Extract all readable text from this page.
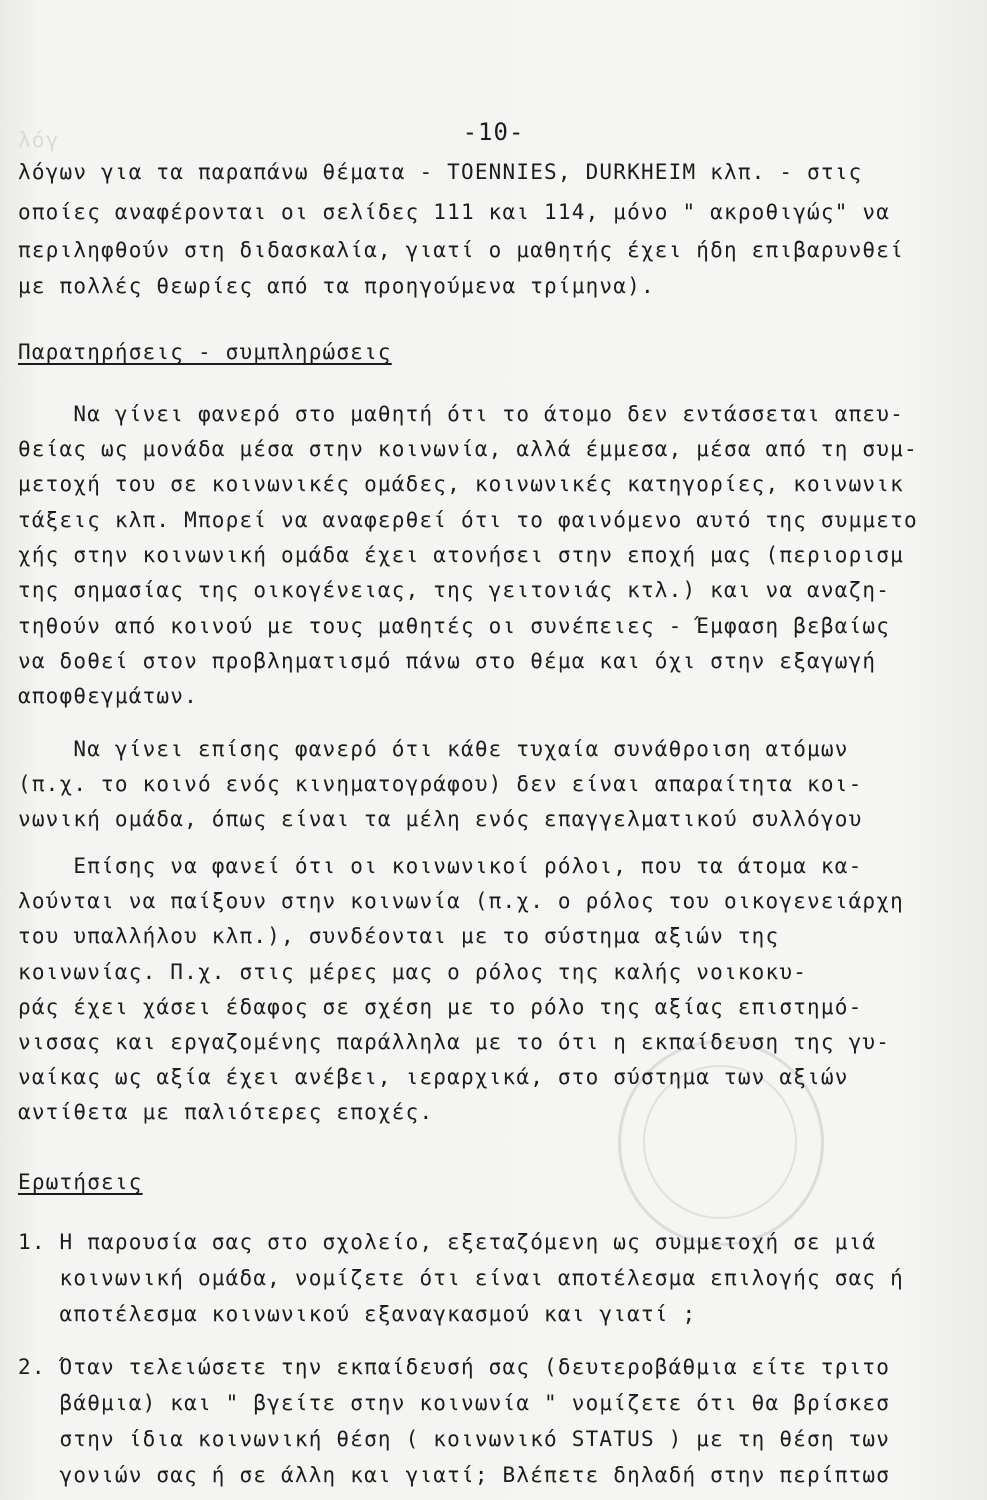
λόγ	-10-
λόγων για τα παραπάνω θέματα - TOENNIES, DURKHEIM κλπ. - στις
οποίες αναφέρονται οι σελίδες 111 και 114, μόνο " ακροθιγώς" να
περιληφθούν στη διδασκαλία, γιατί ο μαθητής έχει ήδη επιβαρυνθεί
με πολλές θεωρίες από τα προηγούμενα τρίμηνα).
Παρατηρήσεις - συμπληρώσεις
Να γίνει φανερό στο μαθητή ότι το άτομο δεν εντάσσεται απευ-
θείας ως μονάδα μέσα στην κοινωνία, αλλά έμμεσα, μέσα από τη συμ-
μετοχή του σε κοινωνικές ομάδες, κοινωνικές κατηγορίες, κοινωνικ
τάξεις κλπ. Μπορεί να αναφερθεί ότι το φαινόμενο αυτό της συμμετο
χής στην κοινωνική ομάδα έχει ατονήσει στην εποχή μας (περιορισμ
της σημασίας της οικογένειας, της γειτονιάς κτλ.) και να αναζη-
τηθούν από κοινού με τους μαθητές οι συνέπειες - Έμφαση βεβαίως
να δοθεί στον προβληματισμό πάνω στο θέμα και όχι στην εξαγωγή
αποφθεγμάτων.
Να γίνει επίσης φανερό ότι κάθε τυχαία συνάθροιση ατόμων
(π.χ. το κοινό ενός κινηματογράφου) δεν είναι απαραίτητα κοι-
νωνική ομάδα, όπως είναι τα μέλη ενός επαγγελματικού συλλόγου
Επίσης να φανεί ότι οι κοινωνικοί ρόλοι, που τα άτομα κα-
λούνται να παίξουν στην κοινωνία (π.χ. ο ρόλος του οικογενειάρχη
του υπαλλήλου κλπ.), συνδέονται με το σύστημα αξιών της
κοινωνίας. Π.χ. στις μέρες μας ο ρόλος της καλής νοικοκυ-
ράς έχει χάσει έδαφος σε σχέση με το ρόλο της αξίας επιστημό-
νισσας και εργαζομένης παράλληλα με το ότι η εκπαίδευση της γυ-
ναίκας ως αξία έχει ανέβει, ιεραρχικά, στο σύστημα των αξιών
αντίθετα με παλιότερες εποχές.
Ερωτήσεις
1. Η παρουσία σας στο σχολείο, εξεταζόμενη ως συμμετοχή σε μιά
κοινωνική ομάδα, νομίζετε ότι είναι αποτέλεσμα επιλογής σας ή
αποτέλεσμα κοινωνικού εξαναγκασμού και γιατί ;
2. Όταν τελειώσετε την εκπαίδευσή σας (δευτεροβάθμια είτε τριτο
βάθμια) και " βγείτε στην κοινωνία " νομίζετε ότι θα βρίσκεσ
στην ίδια κοινωνική θέση ( κοινωνικό STATUS ) με τη θέση των
γονιών σας ή σε άλλη και γιατί; Βλέπετε δηλαδή στην περίπτωσ
